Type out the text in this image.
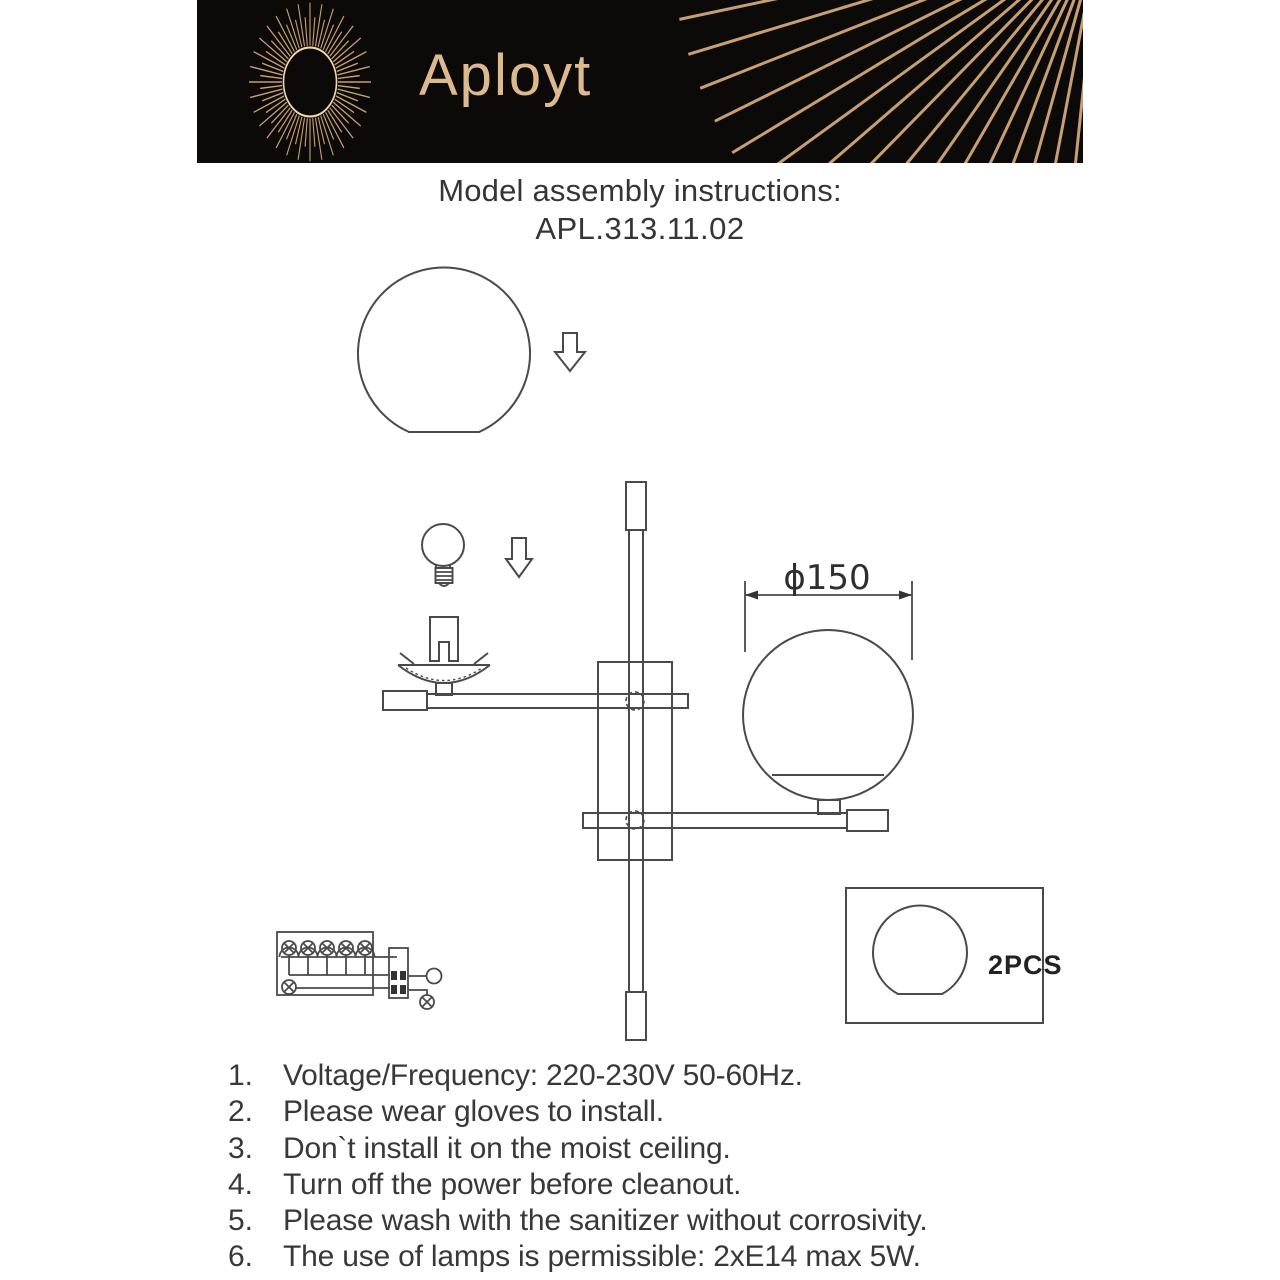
Aployt
Model assembly instructions:
APL.313.11.02
ϕ150
2PCS
1. Voltage/Frequency: 220-230V 50-60Hz.
2. Please wear gloves to install.
3. Don`t install it on the moist ceiling.
4. Turn off the power before cleanout.
5. Please wash with the sanitizer without corrosivity.
6. The use of lamps is permissible: 2xE14 max 5W.
